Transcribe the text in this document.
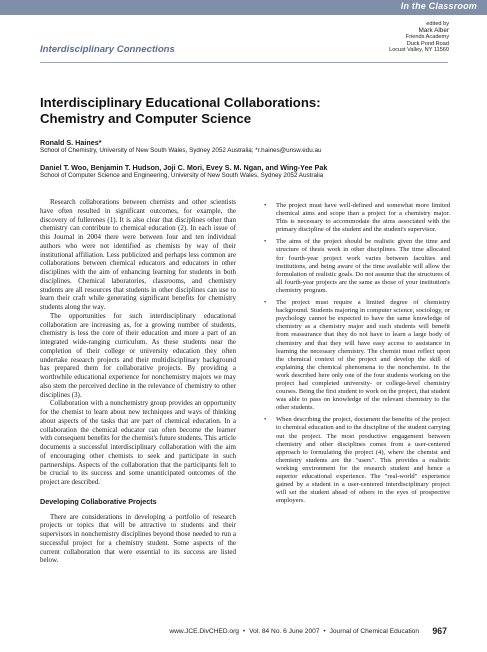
In the Classroom
Interdisciplinary Connections
edited by
Mark Alber
Friends Academy
Duck Pond Road
Locust Valley, NY 11560
Interdisciplinary Educational Collaborations:
Chemistry and Computer Science
Ronald S. Haines*
School of Chemistry, University of New South Wales, Sydney 2052 Australia; *r.haines@unsw.edu.au
Daniel T. Woo, Benjamin T. Hudson, Joji C. Mori, Evey S. M. Ngan, and Wing-Yee Pak
School of Computer Science and Engineering, University of New South Wales, Sydney 2052 Australia

Research collaborations between chemists and other scientists have often resulted in significant outcomes, for example, the discovery of fullerenes (1). It is also clear that disciplines other than chemistry can contribute to chemical education (2). In each issue of this Journal in 2004 there were between four and ten individual authors who were not identified as chemists by way of their institutional affiliation. Less publicized and perhaps less common are collaborations between chemical educators and educators in other disciplines with the aim of enhancing learning for students in both disciplines. Chemical laboratories, classrooms, and chemistry students are all resources that students in other disciplines can use to learn their craft while generating significant benefits for chemistry students along the way.

The opportunities for such interdisciplinary educational collaboration are increasing as, for a growing number of students, chemistry is less the core of their education and more a part of an integrated wide-ranging curriculum. As these students near the completion of their college or university education they often undertake research projects and their multidisciplinary background has prepared them for collaborative projects. By providing a worthwhile educational experience for nonchemistry majors we may also stem the perceived decline in the relevance of chemistry to other disciplines (3).

Collaboration with a nonchemistry group provides an opportunity for the chemist to learn about new techniques and ways of thinking about aspects of the tasks that are part of chemical education. In a collaboration the chemical educator can often become the learner with consequent benefits for the chemist's future students. This article documents a successful interdisciplinary collaboration with the aim of encouraging other chemists to seek and participate in such partnerships. Aspects of the collaboration that the participants felt to be crucial to its success and some unanticipated outcomes of the project are described.

Developing Collaborative Projects

There are considerations in developing a portfolio of research projects or topics that will be attractive to students and their supervisors in nonchemistry disciplines beyond those needed to run a successful project for a chemistry student. Some aspects of the current collaboration that were essential to its success are listed below.

• The project must have well-defined and somewhat more limited chemical aims and scope than a project for a chemistry major. This is necessary to accommodate the aims associated with the primary discipline of the student and the student's supervisor.
• The aims of the project should be realistic given the time and structure of thesis work in other disciplines. The time allocated for fourth-year project work varies between faculties and institutions, and being aware of the time available will allow the formulation of realistic goals. Do not assume that the structures of all fourth-year projects are the same as those of your institution's chemistry program.
• The project must require a limited degree of chemistry background. Students majoring in computer science, sociology, or psychology cannot be expected to have the same knowledge of chemistry as a chemistry major and such students will benefit from reassurance that they do not have to learn a large body of chemistry and that they will have easy access to assistance in learning the necessary chemistry. The chemist must reflect upon the chemical context of the project and develop the skill of explaining the chemical phenomena to the nonchemist. In the work described here only one of the four students working on the project had completed university- or college-level chemistry courses. Being the first student to work on the project, that student was able to pass on knowledge of the relevant chemistry to the other students.
• When describing the project, document the benefits of the project to chemical education and to the discipline of the student carrying out the project. The most productive engagement between chemistry and other disciplines comes from a user-centered approach to formulating the project (4), where the chemist and chemistry students are the "users". This provides a realistic working environment for the research student and hence a superior educational experience. The "real-world" experience gained by a student in a user-centered interdisciplinary project will set the student ahead of others in the eyes of prospective employers.
www.JCE.DivCHED.org • Vol. 84 No. 6 June 2007 • Journal of Chemical Education 967
